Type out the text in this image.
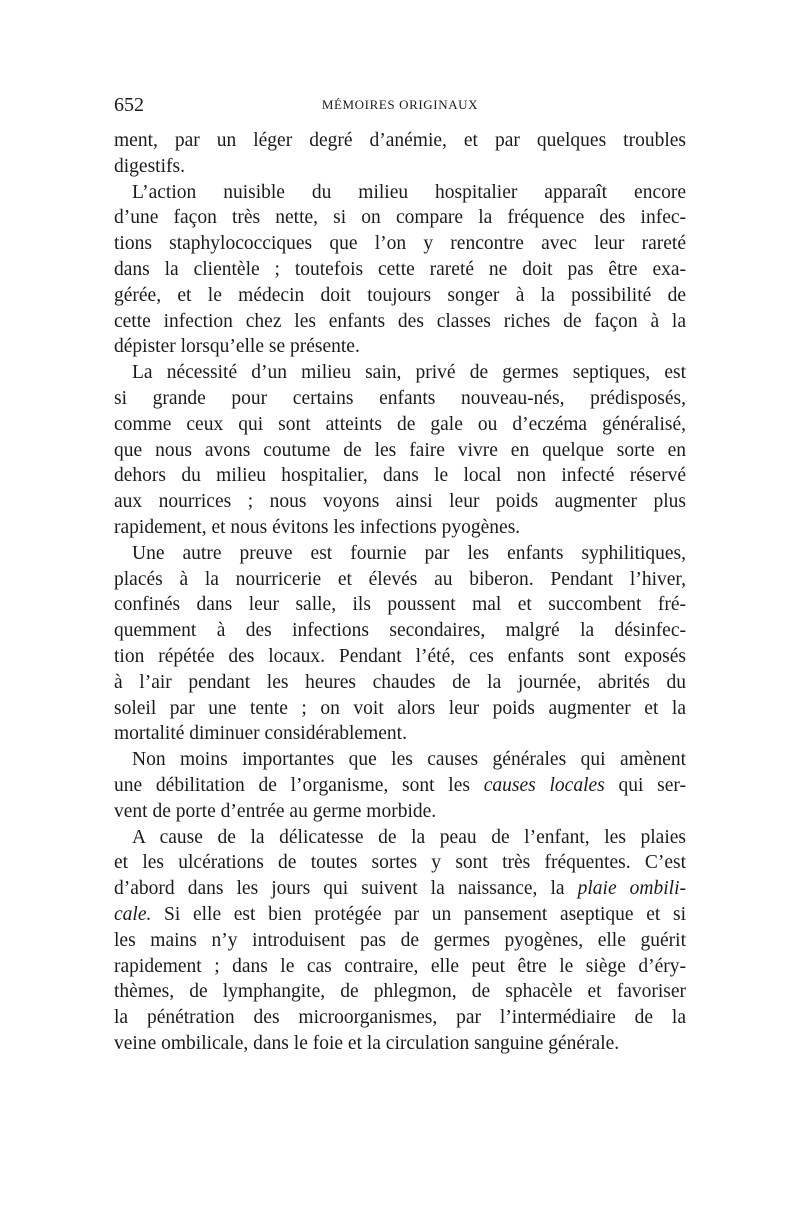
652	MÉMOIRES ORIGINAUX

ment, par un léger degré d’anémie, et par quelques troubles
digestifs.

L’action nuisible du milieu hospitalier apparaît encore
d’une façon très nette, si on compare la fréquence des infec-
tions staphylococciques que l’on y rencontre avec leur rareté
dans la clientèle ; toutefois cette rareté ne doit pas être exa-
gérée, et le médecin doit toujours songer à la possibilité de
cette infection chez les enfants des classes riches de façon à la
dépister lorsqu’elle se présente.

La nécessité d’un milieu sain, privé de germes septiques, est
si grande pour certains enfants nouveau-nés, prédisposés,
comme ceux qui sont atteints de gale ou d’eczéma généralisé,
que nous avons coutume de les faire vivre en quelque sorte en
dehors du milieu hospitalier, dans le local non infecté réservé
aux nourrices ; nous voyons ainsi leur poids augmenter plus
rapidement, et nous évitons les infections pyogènes.

Une autre preuve est fournie par les enfants syphilitiques,
placés à la nourricerie et élevés au biberon. Pendant l’hiver,
confinés dans leur salle, ils poussent mal et succombent fré-
quemment à des infections secondaires, malgré la désinfec-
tion répétée des locaux. Pendant l’été, ces enfants sont exposés
à l’air pendant les heures chaudes de la journée, abrités du
soleil par une tente ; on voit alors leur poids augmenter et la
mortalité diminuer considérablement.

Non moins importantes que les causes générales qui amènent
une débilitation de l’organisme, sont les causes locales qui ser-
vent de porte d’entrée au germe morbide.

A cause de la délicatesse de la peau de l’enfant, les plaies
et les ulcérations de toutes sortes y sont très fréquentes. C’est
d’abord dans les jours qui suivent la naissance, la plaie ombili-
cale. Si elle est bien protégée par un pansement aseptique et si
les mains n’y introduisent pas de germes pyogènes, elle guérit
rapidement ; dans le cas contraire, elle peut être le siège d’éry-
thèmes, de lymphangite, de phlegmon, de sphacèle et favoriser
la pénétration des microorganismes, par l’intermédiaire de la
veine ombilicale, dans le foie et la circulation sanguine générale.
